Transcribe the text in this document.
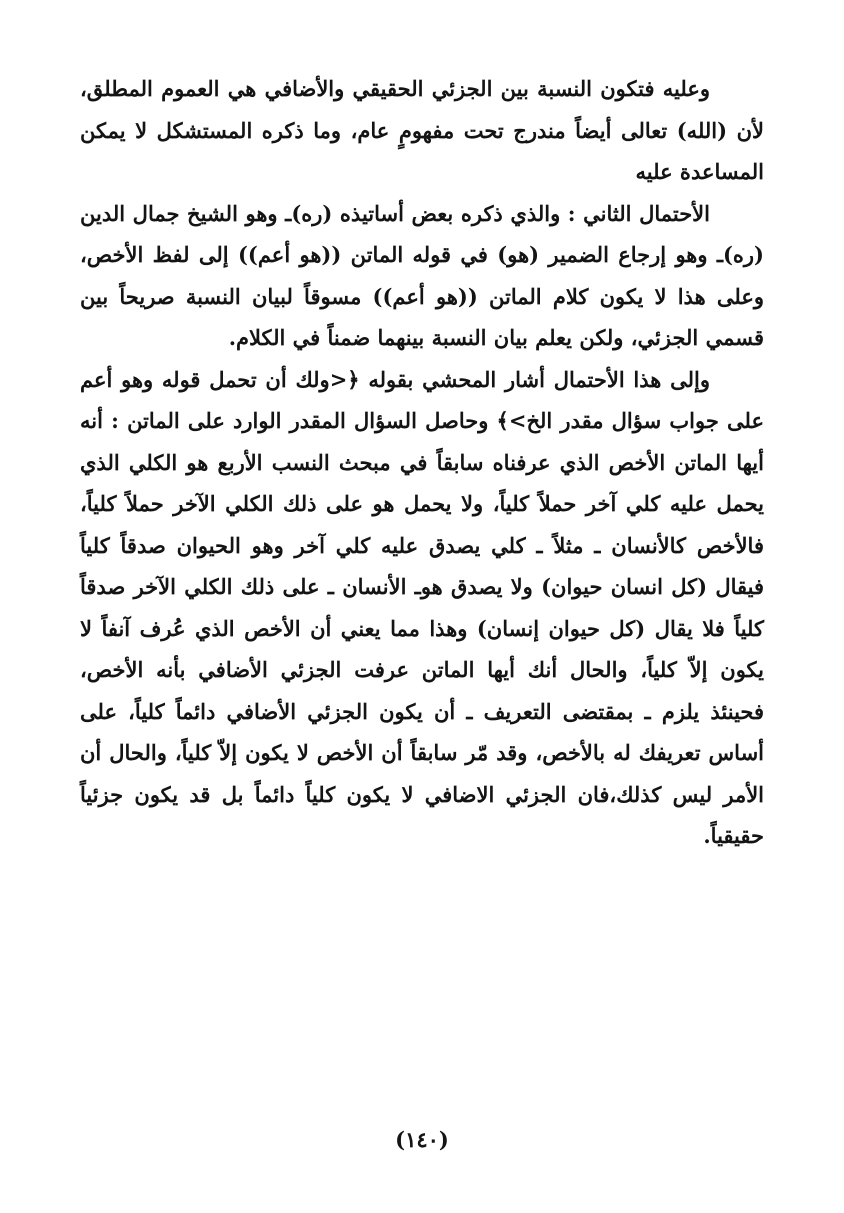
وعليه فتكون النسبة بين الجزئي الحقيقي والأضافي هي العموم المطلق، لأن (الله) تعالى أيضاً مندرج تحت مفهومٍ عام، وما ذكره المستشكل لا يمكن المساعدة عليه

الأحتمال الثاني : والذي ذكره بعض أساتيذه (ره)ـ وهو الشيخ جمال الدين (ره)ـ وهو إرجاع الضمير (هو) في قوله الماتن ((هو أعم)) إلى لفظ الأخص، وعلى هذا لا يكون كلام الماتن ((هو أعم)) مسوقاً لبيان النسبة صريحاً بين قسمي الجزئي، ولكن يعلم بيان النسبة بينهما ضمناً في الكلام.

وإلى هذا الأحتمال أشار المحشي بقوله ﴿<ولك أن تحمل قوله وهو أعم على جواب سؤال مقدر الخ>﴾ وحاصل السؤال المقدر الوارد على الماتن : أنه أيها الماتن الأخص الذي عرفناه سابقاً في مبحث النسب الأربع هو الكلي الذي يحمل عليه كلي آخر حملاً كلياً، ولا يحمل هو على ذلك الكلي الآخر حملاً كلياً، فالأخص كالأنسان ـ مثلاً ـ كلي يصدق عليه كلي آخر وهو الحيوان صدقاً كلياً فيقال (كل انسان حيوان) ولا يصدق هوـ الأنسان ـ على ذلك الكلي الآخر صدقاً كلياً فلا يقال (كل حيوان إنسان) وهذا مما يعني أن الأخص الذي عُرف آنفاً لا يكون إلاّ كلياً، والحال أنك أيها الماتن عرفت الجزئي الأضافي بأنه الأخص، فحينئذ يلزم ـ بمقتضى التعريف ـ أن يكون الجزئي الأضافي دائماً كلياً، على أساس تعريفك له بالأخص، وقد مّر سابقاً أن الأخص لا يكون إلاّ كلياً، والحال أن الأمر ليس كذلك،فان الجزئي الاضافي لا يكون كلياً دائماً بل قد يكون جزئياً حقيقياً.

(١٤٠)
